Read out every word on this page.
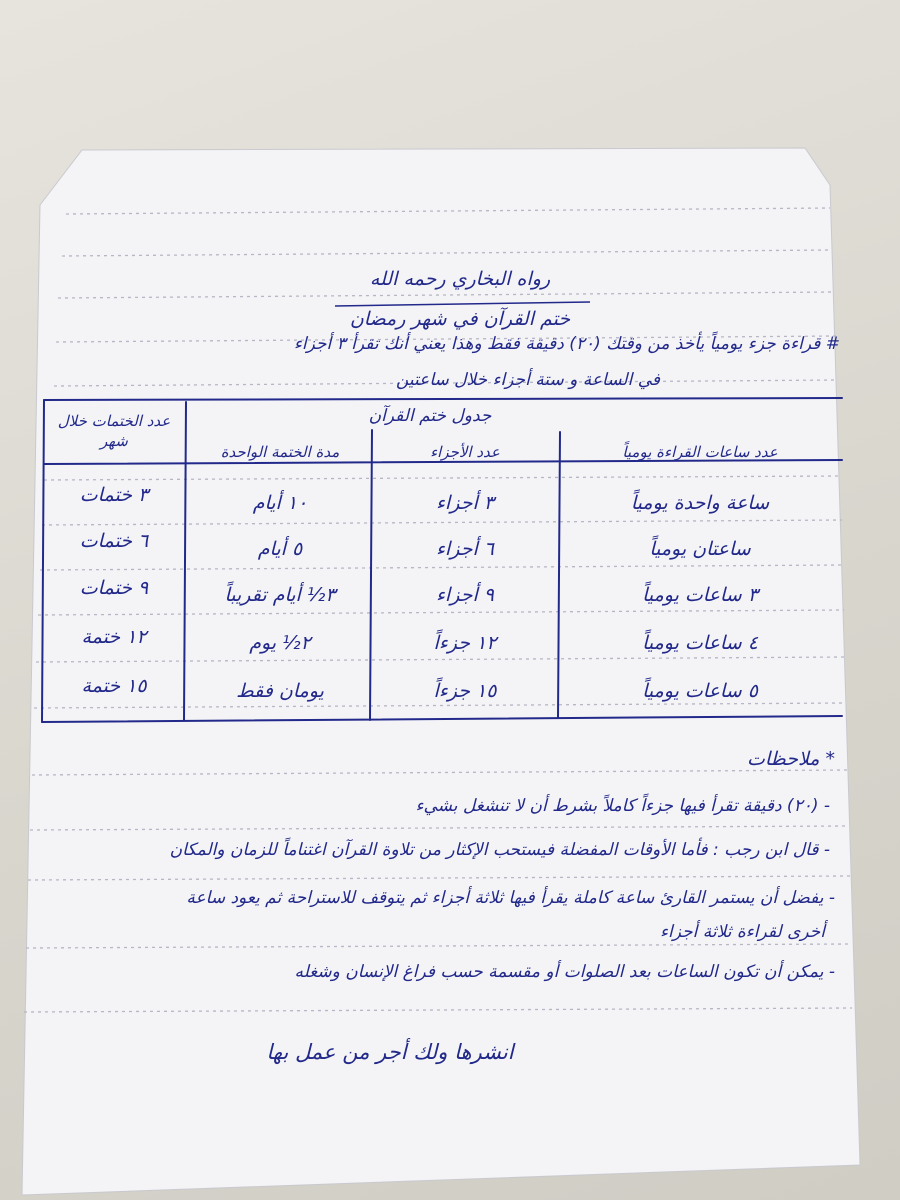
رواه البخاري رحمه الله
ختم القرآن في شهر رمضان
# قراءة جزء يومياً يأخذ من وقتك (٢٠) دقيقة فقط وهذا يعني أنك تقرأ ٣ أجزاء
في الساعة و ستة أجزاء خلال ساعتين
جدول ختم القرآن
عدد ساعات القراءة يومياً
عدد الأجزاء
مدة الختمة الواحدة
عدد الختمات خلال شهر
ساعة واحدة يومياً
٣ أجزاء
١٠ أيام
٣ ختمات
ساعتان يومياً
٦ أجزاء
٥ أيام
٦ ختمات
٣ ساعات يومياً
٩ أجزاء
٣½ أيام تقريباً
٩ ختمات
٤ ساعات يومياً
١٢ جزءاً
٢½ يوم
١٢ ختمة
٥ ساعات يومياً
١٥ جزءاً
يومان فقط
١٥ ختمة
* ملاحظات
- (٢٠) دقيقة تقرأ فيها جزءاً كاملاً بشرط أن لا تنشغل بشيء
- قال ابن رجب : فأما الأوقات المفضلة فيستحب الإكثار من تلاوة القرآن اغتناماً للزمان والمكان
- يفضل أن يستمر القارئ ساعة كاملة يقرأ فيها ثلاثة أجزاء ثم يتوقف للاستراحة ثم يعود ساعة
أخرى لقراءة ثلاثة أجزاء
- يمكن أن تكون الساعات بعد الصلوات أو مقسمة حسب فراغ الإنسان وشغله
انشرها ولك أجر من عمل بها
